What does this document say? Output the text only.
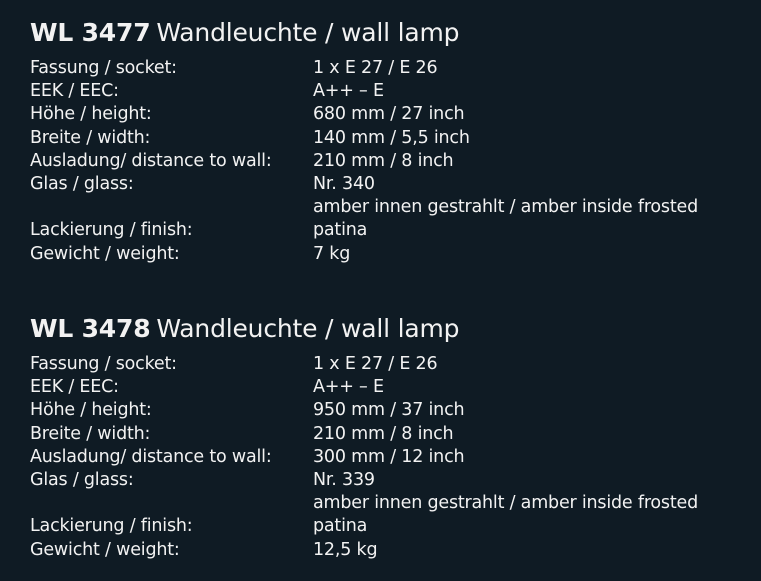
WL 3477 Wandleuchte / wall lamp
Fassung / socket:	1 x E 27 / E 26
EEK / EEC:	A++ – E
Höhe / height:	680 mm / 27 inch
Breite / width:	140 mm / 5,5 inch
Ausladung/ distance to wall:	210 mm / 8 inch
Glas / glass:	Nr. 340
amber innen gestrahlt / amber inside frosted
Lackierung / finish:	patina
Gewicht / weight:	7 kg
WL 3478 Wandleuchte / wall lamp
Fassung / socket:	1 x E 27 / E 26
EEK / EEC:	A++ – E
Höhe / height:	950 mm / 37 inch
Breite / width:	210 mm / 8 inch
Ausladung/ distance to wall:	300 mm / 12 inch
Glas / glass:	Nr. 339
amber innen gestrahlt / amber inside frosted
Lackierung / finish:	patina
Gewicht / weight:	12,5 kg
